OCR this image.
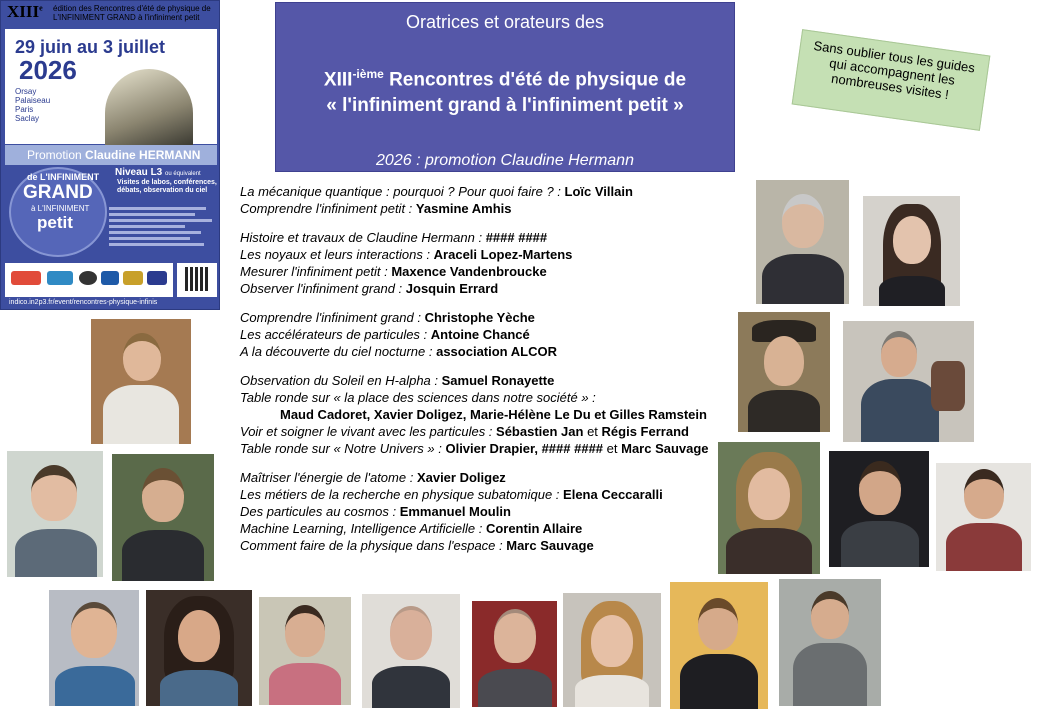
XIIIe édition des Rencontres d'été de physique de L'INFINIMENT GRAND à l'infiniment petit
29 juin au 3 juillet
2026
Orsay
Palaiseau
Paris
Saclay
Rencontres
Promotion Claudine HERMANN
de L'INFINIMENT
GRAND
à L'INFINIMENT
petit
Niveau L3 ou équivalent
Visites de labos, conférences, débats, observation du ciel
indico.in2p3.fr/event/rencontres-physique-infinis
Oratrices et orateurs des
$XIII^{-ième}$ Rencontres d'été de physique de
« l'infiniment grand à l'infiniment petit »
2026 : promotion Claudine Hermann
Sans oublier tous les guides qui accompagnent les nombreuses visites !
La mécanique quantique : pourquoi ? Pour quoi faire ? : Loïc Villain
Comprendre l'infiniment petit : Yasmine Amhis
Histoire et travaux de Claudine Hermann : #### ####
Les noyaux et leurs interactions : Araceli Lopez-Martens
Mesurer l'infiniment petit : Maxence Vandenbroucke
Observer l'infiniment grand : Josquin Errard
Comprendre l'infiniment grand : Christophe Yèche
Les accélérateurs de particules : Antoine Chancé
A la découverte du ciel nocturne : association ALCOR
Observation du Soleil en H-alpha : Samuel Ronayette
Table ronde sur « la place des sciences dans notre société » :
Maud Cadoret, Xavier Doligez, Marie-Hélène Le Du et Gilles Ramstein
Voir et soigner le vivant avec les particules : Sébastien Jan et Régis Ferrand
Table ronde sur « Notre Univers » : Olivier Drapier, #### #### et Marc Sauvage
Maîtriser l'énergie de l'atome : Xavier Doligez
Les métiers de la recherche en physique subatomique : Elena Ceccaralli
Des particules au cosmos : Emmanuel Moulin
Machine Learning, Intelligence Artificielle : Corentin Allaire
Comment faire de la physique dans l'espace : Marc Sauvage
